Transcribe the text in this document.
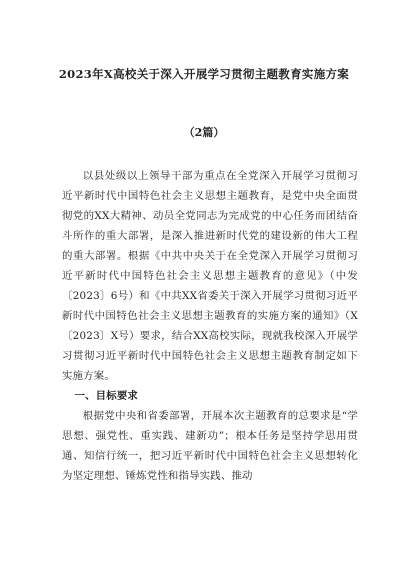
2023年X高校关于深入开展学习贯彻主题教育实施方案
（2篇）

以县处级以上领导干部为重点在全党深入开展学习贯彻习近平新时代中国特色社会主义思想主题教育，是党中央全面贯彻党的XX大精神、动员全党同志为完成党的中心任务而团结奋斗所作的重大部署，是深入推进新时代党的建设新的伟大工程的重大部署。根据《中共中央关于在全党深入开展学习贯彻习近平新时代中国特色社会主义思想主题教育的意见》（中发〔2023〕6号）和《中共XX省委关于深入开展学习贯彻习近平新时代中国特色社会主义思想主题教育的实施方案的通知》（X〔2023〕X号）要求，结合XX高校实际，现就我校深入开展学习贯彻习近平新时代中国特色社会主义思想主题教育制定如下实施方案。

一、目标要求

根据党中央和省委部署，开展本次主题教育的总要求是“学思想、强党性、重实践、建新功”；根本任务是坚持学思用贯通、知信行统一，把习近平新时代中国特色社会主义思想转化为坚定理想、锤炼党性和指导实践、推动
